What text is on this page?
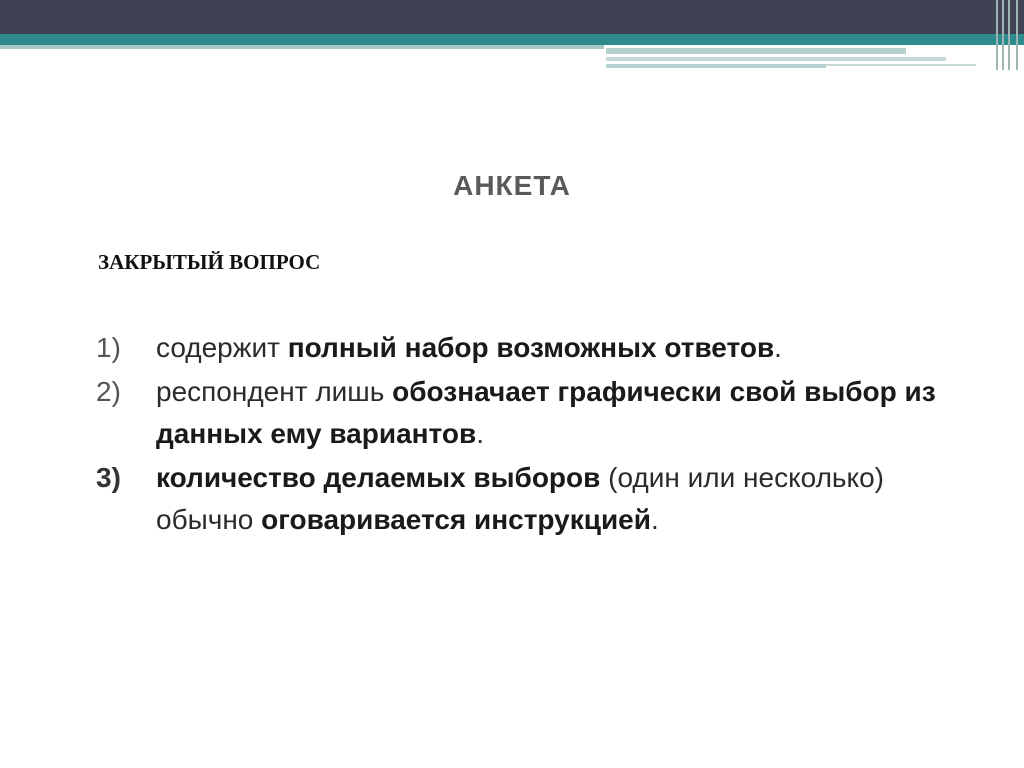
АНКЕТА
ЗАКРЫТЫЙ ВОПРОС
1)	содержит полный набор возможных ответов.
2)	респондент лишь обозначает графически свой выбор из данных ему вариантов.
3)	количество делаемых выборов (один или несколько) обычно оговаривается инструкцией.
